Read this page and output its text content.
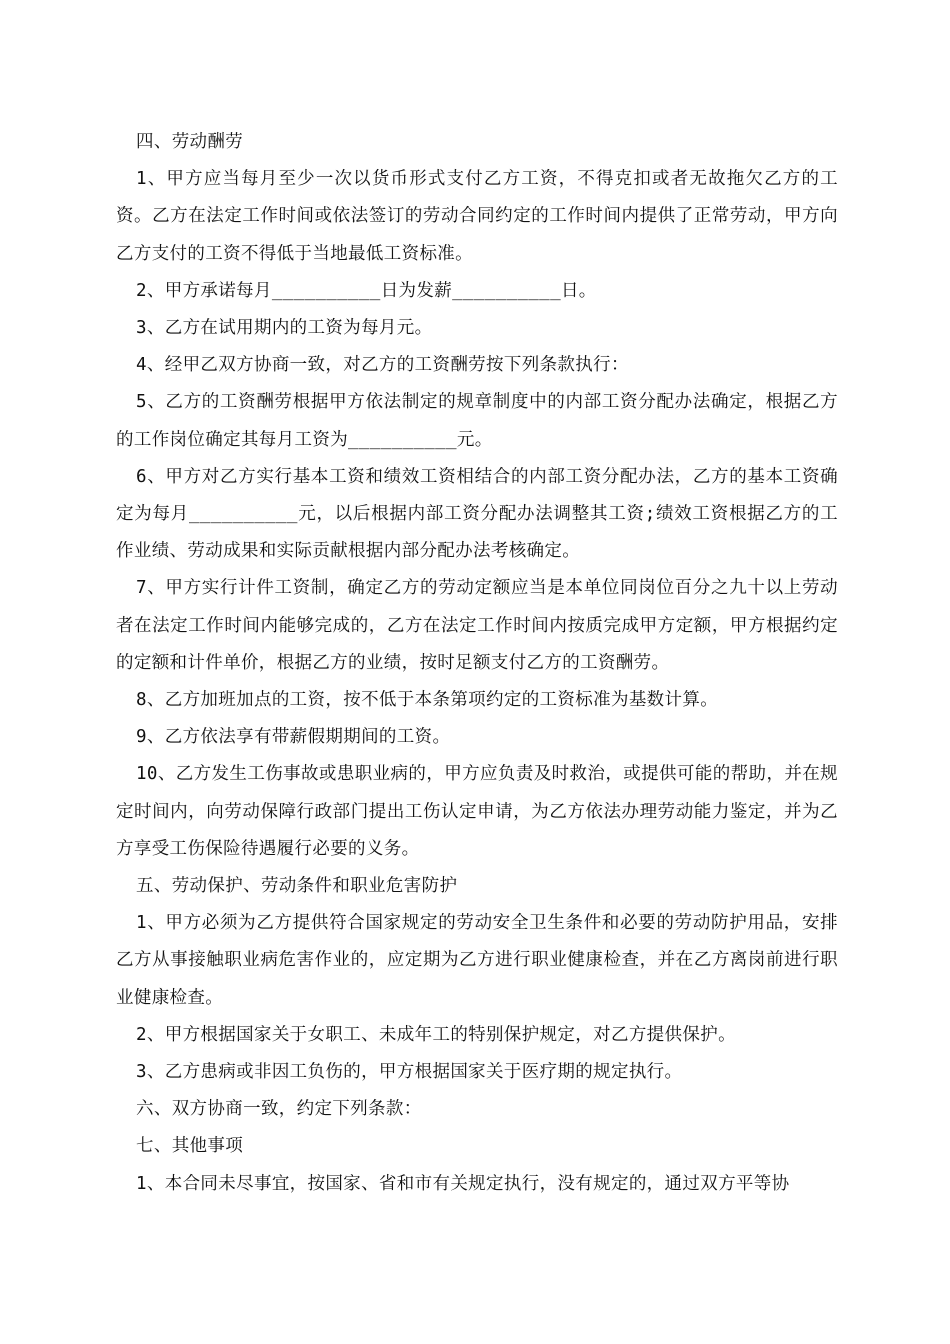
四、劳动酬劳

1、甲方应当每月至少一次以货币形式支付乙方工资，不得克扣或者无故拖欠乙方的工资。乙方在法定工作时间或依法签订的劳动合同约定的工作时间内提供了正常劳动，甲方向乙方支付的工资不得低于当地最低工资标准。

2、甲方承诺每月__________日为发薪__________日。

3、乙方在试用期内的工资为每月元。

4、经甲乙双方协商一致，对乙方的工资酬劳按下列条款执行：

5、乙方的工资酬劳根据甲方依法制定的规章制度中的内部工资分配办法确定，根据乙方的工作岗位确定其每月工资为__________元。

6、甲方对乙方实行基本工资和绩效工资相结合的内部工资分配办法，乙方的基本工资确定为每月__________元，以后根据内部工资分配办法调整其工资;绩效工资根据乙方的工作业绩、劳动成果和实际贡献根据内部分配办法考核确定。

7、甲方实行计件工资制，确定乙方的劳动定额应当是本单位同岗位百分之九十以上劳动者在法定工作时间内能够完成的，乙方在法定工作时间内按质完成甲方定额，甲方根据约定的定额和计件单价，根据乙方的业绩，按时足额支付乙方的工资酬劳。

8、乙方加班加点的工资，按不低于本条第项约定的工资标准为基数计算。

9、乙方依法享有带薪假期期间的工资。

10、乙方发生工伤事故或患职业病的，甲方应负责及时救治，或提供可能的帮助，并在规定时间内，向劳动保障行政部门提出工伤认定申请，为乙方依法办理劳动能力鉴定，并为乙方享受工伤保险待遇履行必要的义务。

五、劳动保护、劳动条件和职业危害防护

1、甲方必须为乙方提供符合国家规定的劳动安全卫生条件和必要的劳动防护用品，安排乙方从事接触职业病危害作业的，应定期为乙方进行职业健康检查，并在乙方离岗前进行职业健康检查。

2、甲方根据国家关于女职工、未成年工的特别保护规定，对乙方提供保护。

3、乙方患病或非因工负伤的，甲方根据国家关于医疗期的规定执行。

六、双方协商一致，约定下列条款：

七、其他事项

1、本合同未尽事宜，按国家、省和市有关规定执行，没有规定的，通过双方平等协
